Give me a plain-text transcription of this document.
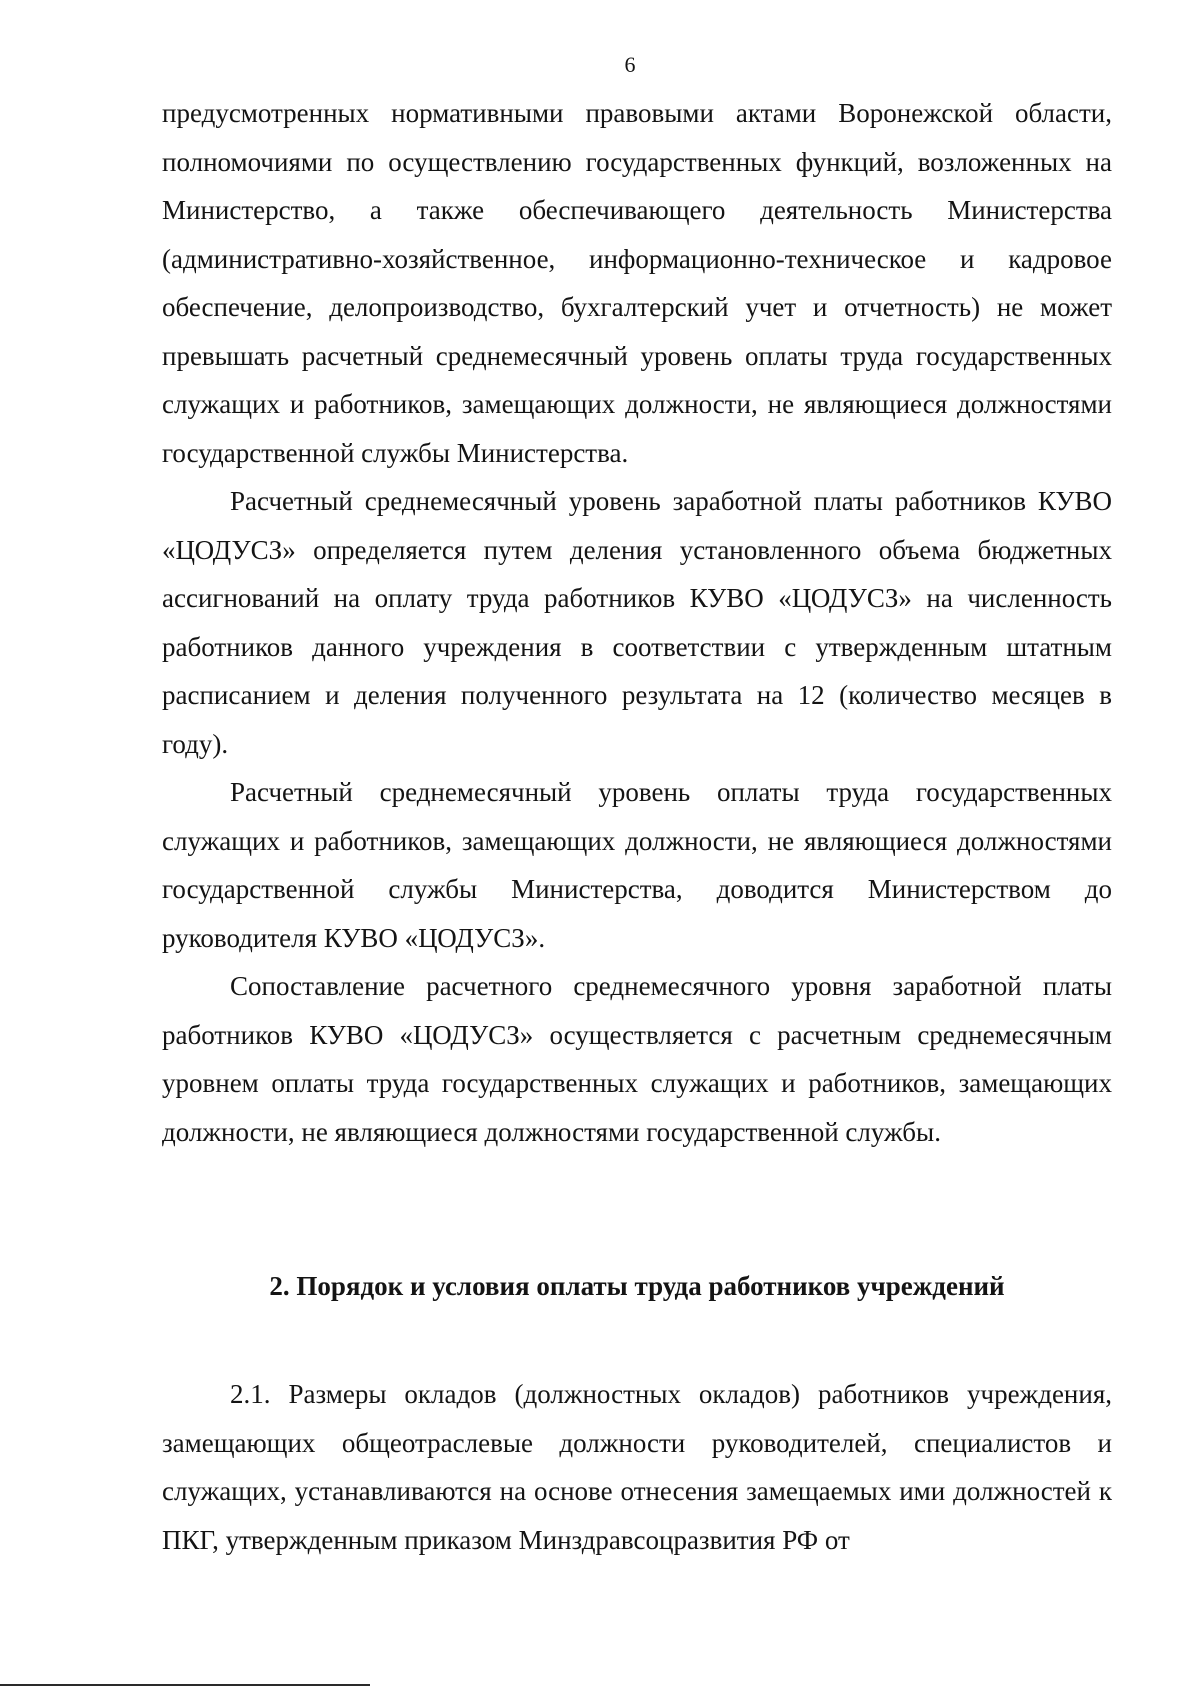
6

предусмотренных нормативными правовыми актами Воронежской области, полномочиями по осуществлению государственных функций, возложенных на Министерство, а также обеспечивающего деятельность Министерства (административно-хозяйственное, информационно-техническое и кадровое обеспечение, делопроизводство, бухгалтерский учет и отчетность) не может превышать расчетный среднемесячный уровень оплаты труда государственных служащих и работников, замещающих должности, не являющиеся должностями государственной службы Министерства.

Расчетный среднемесячный уровень заработной платы работников КУВО «ЦОДУСЗ» определяется путем деления установленного объема бюджетных ассигнований на оплату труда работников КУВО «ЦОДУСЗ» на численность работников данного учреждения в соответствии с утвержденным штатным расписанием и деления полученного результата на 12 (количество месяцев в году).

Расчетный среднемесячный уровень оплаты труда государственных служащих и работников, замещающих должности, не являющиеся должностями государственной службы Министерства, доводится Министерством до руководителя КУВО «ЦОДУСЗ».

Сопоставление расчетного среднемесячного уровня заработной платы работников КУВО «ЦОДУСЗ» осуществляется с расчетным среднемесячным уровнем оплаты труда государственных служащих и работников, замещающих должности, не являющиеся должностями государственной службы.

2. Порядок и условия оплаты труда работников учреждений

2.1. Размеры окладов (должностных окладов) работников учреждения, замещающих общеотраслевые должности руководителей, специалистов и служащих, устанавливаются на основе отнесения замещаемых ими должностей к ПКГ, утвержденным приказом Минздравсоцразвития РФ от
